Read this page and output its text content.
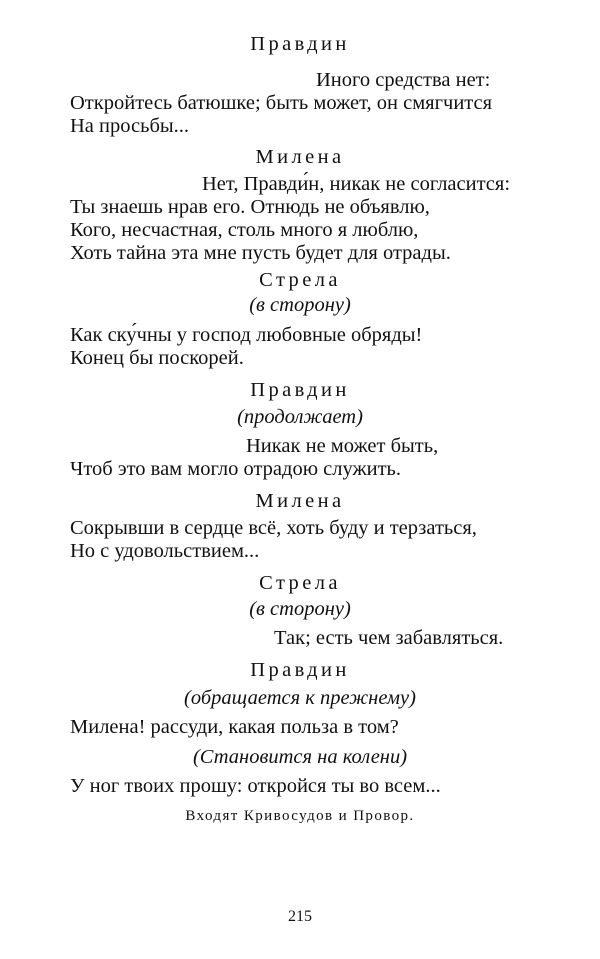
Правдин
Иного средства нет:
Откройтесь батюшке; быть может, он смягчится
На просьбы...
Милена
Нет, Правди́н, никак не согласится:
Ты знаешь нрав его. Отнюдь не объявлю,
Кого, несчастная, столь много я люблю,
Хоть тайна эта мне пусть будет для отрады.
Стрела
(в сторону)
Как ску́чны у господ любовные обряды!
Конец бы поскорей.
Правдин
(продолжает)
Никак не может быть,
Чтоб это вам могло отрадою служить.
Милена
Сокрывши в сердце всё, хоть буду и терзаться,
Но с удовольствием...
Стрела
(в сторону)
Так; есть чем забавляться.
Правдин
(обращается к прежнему)
Милена! рассуди, какая польза в том?
(Становится на колени)
У ног твоих прошу: откройся ты во всем...
Входят Кривосудов и Провор.
215
